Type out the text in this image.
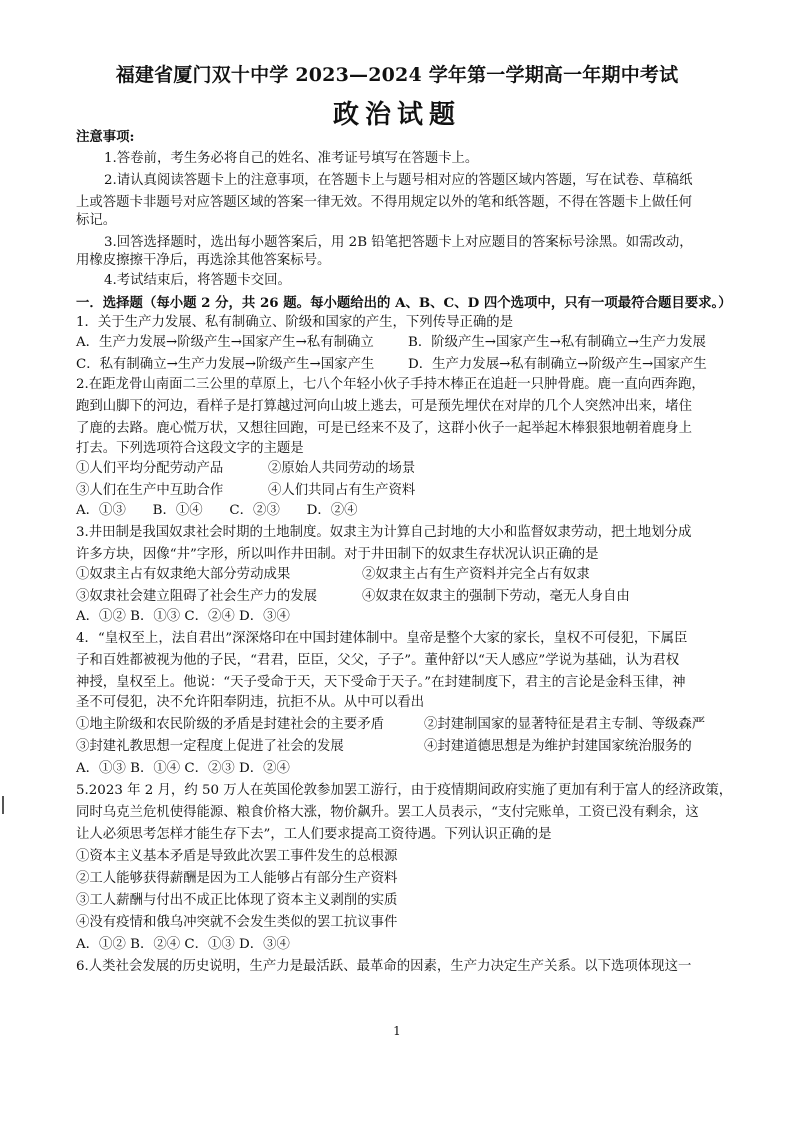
福建省厦门双十中学 2023—2024 学年第一学期高一年期中考试
政治试题
注意事项:
1.答卷前，考生务必将自己的姓名、准考证号填写在答题卡上。
2.请认真阅读答题卡上的注意事项，在答题卡上与题号相对应的答题区域内答题，写在试卷、草稿纸
上或答题卡非题号对应答题区域的答案一律无效。不得用规定以外的笔和纸答题，不得在答题卡上做任何
标记。
3.回答选择题时，选出每小题答案后，用 2B 铅笔把答题卡上对应题目的答案标号涂黑。如需改动，
用橡皮擦擦干净后，再选涂其他答案标号。
4.考试结束后，将答题卡交回。
一．选择题（每小题 2 分，共 26 题。每小题给出的 A、B、C、D 四个选项中，只有一项最符合题目要求。）
1．关于生产力发展、私有制确立、阶级和国家的产生，下列传导正确的是
A．生产力发展→阶级产生→国家产生→私有制确立	B．阶级产生→国家产生→私有制确立→生产力发展
C．私有制确立→生产力发展→阶级产生→国家产生	D．生产力发展→私有制确立→阶级产生→国家产生
2.在距龙骨山南面二三公里的草原上，七八个年轻小伙子手持木棒正在追赶一只肿骨鹿。鹿一直向西奔跑，
跑到山脚下的河边，看样子是打算越过河向山坡上逃去，可是预先埋伏在对岸的几个人突然冲出来，堵住
了鹿的去路。鹿心慌万状，又想往回跑，可是已经来不及了，这群小伙子一起举起木棒狠狠地朝着鹿身上
打去。下列选项符合这段文字的主题是
①人们平均分配劳动产品	②原始人共同劳动的场景
③人们在生产中互助合作	④人们共同占有生产资料
A．①③　　B．①④　　C．②③　　D．②④
3.井田制是我国奴隶社会时期的土地制度。奴隶主为计算自己封地的大小和监督奴隶劳动，把土地划分成
许多方块，因像“井”字形，所以叫作井田制。对于井田制下的奴隶生存状况认识正确的是
①奴隶主占有奴隶绝大部分劳动成果	②奴隶主占有生产资料并完全占有奴隶
③奴隶社会建立阻碍了社会生产力的发展	④奴隶在奴隶主的强制下劳动，毫无人身自由
A．①② B．①③ C．②④ D．③④
4．“皇权至上，法自君出”深深烙印在中国封建体制中。皇帝是整个大家的家长，皇权不可侵犯，下属臣
子和百姓都被视为他的子民，“君君，臣臣，父父，子子”。董仲舒以“天人感应”学说为基础，认为君权
神授，皇权至上。他说：“天子受命于天，天下受命于天子。”在封建制度下，君主的言论是金科玉律，神
圣不可侵犯，决不允许阳奉阴违，抗拒不从。从中可以看出
①地主阶级和农民阶级的矛盾是封建社会的主要矛盾	②封建制国家的显著特征是君主专制、等级森严
③封建礼教思想一定程度上促进了社会的发展	④封建道德思想是为维护封建国家统治服务的
A．①③ B．①④ C．②③ D．②④
5.2023 年 2 月，约 50 万人在英国伦敦参加罢工游行，由于疫情期间政府实施了更加有利于富人的经济政策，
同时乌克兰危机使得能源、粮食价格大涨，物价飙升。罢工人员表示，“支付完账单，工资已没有剩余，这
让人必须思考怎样才能生存下去”，工人们要求提高工资待遇。下列认识正确的是
①资本主义基本矛盾是导致此次罢工事件发生的总根源
②工人能够获得薪酬是因为工人能够占有部分生产资料
③工人薪酬与付出不成正比体现了资本主义剥削的实质
④没有疫情和俄乌冲突就不会发生类似的罢工抗议事件
A．①② B．②④ C．①③ D．③④
6.人类社会发展的历史说明，生产力是最活跃、最革命的因素，生产力决定生产关系。以下选项体现这一
1
